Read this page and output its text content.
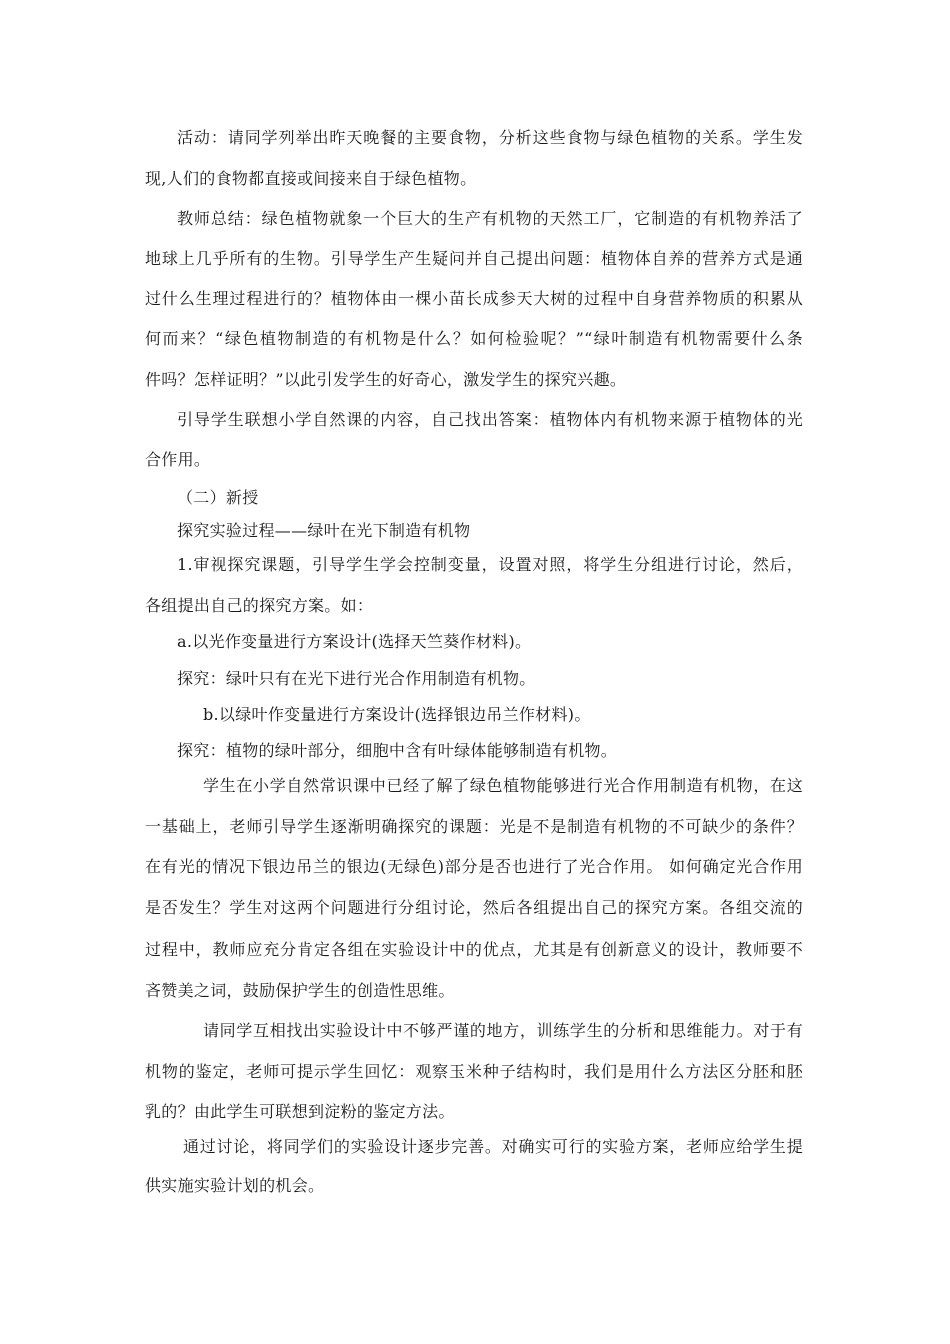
活动：请同学列举出昨天晚餐的主要食物，分析这些食物与绿色植物的关系。学生发
现,人们的食物都直接或间接来自于绿色植物。
教师总结：绿色植物就象一个巨大的生产有机物的天然工厂，它制造的有机物养活了
地球上几乎所有的生物。引导学生产生疑问并自己提出问题：植物体自养的营养方式是通
过什么生理过程进行的？植物体由一棵小苗长成参天大树的过程中自身营养物质的积累从
何而来？“绿色植物制造的有机物是什么？如何检验呢？”“绿叶制造有机物需要什么条
件吗？怎样证明？”以此引发学生的好奇心，激发学生的探究兴趣。
引导学生联想小学自然课的内容，自己找出答案：植物体内有机物来源于植物体的光
合作用。
（二）新授
探究实验过程——绿叶在光下制造有机物
1.审视探究课题，引导学生学会控制变量，设置对照，将学生分组进行讨论，然后，
各组提出自己的探究方案。如：
a.以光作变量进行方案设计(选择天竺葵作材料)。
探究：绿叶只有在光下进行光合作用制造有机物。
b.以绿叶作变量进行方案设计(选择银边吊兰作材料)。
探究：植物的绿叶部分，细胞中含有叶绿体能够制造有机物。
学生在小学自然常识课中已经了解了绿色植物能够进行光合作用制造有机物，在这
一基础上，老师引导学生逐渐明确探究的课题：光是不是制造有机物的不可缺少的条件？
在有光的情况下银边吊兰的银边(无绿色)部分是否也进行了光合作用。 如何确定光合作用
是否发生？学生对这两个问题进行分组讨论，然后各组提出自己的探究方案。各组交流的
过程中，教师应充分肯定各组在实验设计中的优点，尤其是有创新意义的设计，教师要不
吝赞美之词，鼓励保护学生的创造性思维。
请同学互相找出实验设计中不够严谨的地方，训练学生的分析和思维能力。对于有
机物的鉴定，老师可提示学生回忆：观察玉米种子结构时，我们是用什么方法区分胚和胚
乳的？由此学生可联想到淀粉的鉴定方法。
通过讨论，将同学们的实验设计逐步完善。对确实可行的实验方案，老师应给学生提
供实施实验计划的机会。
